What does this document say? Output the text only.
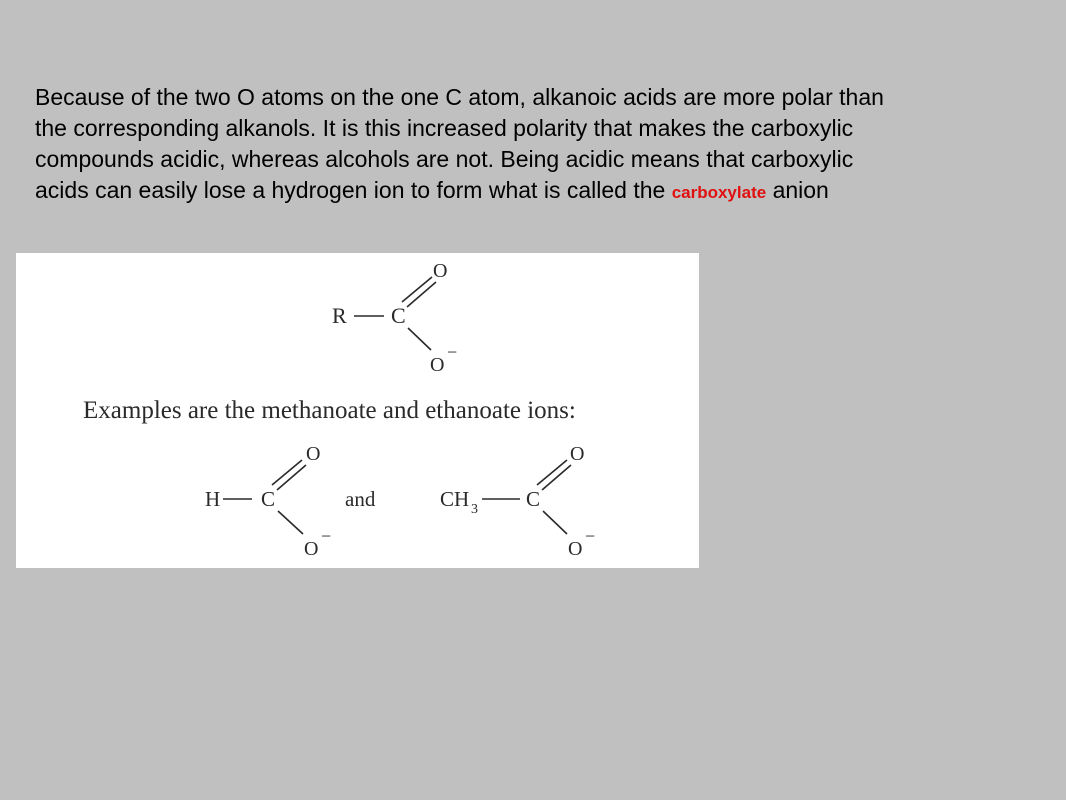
Because of the two O atoms on the one C atom, alkanoic acids are more polar than

the corresponding alkanols. It is this increased polarity that makes the carboxylic

compounds acidic, whereas alcohols are not. Being acidic means that carboxylic

acids can easily lose a hydrogen ion to form what is called the carboxylate anion

R C
O
O
−
Examples are the methanoate and ethanoate ions:
H C
O
O
−
and	CH 3 C
O
O
−
